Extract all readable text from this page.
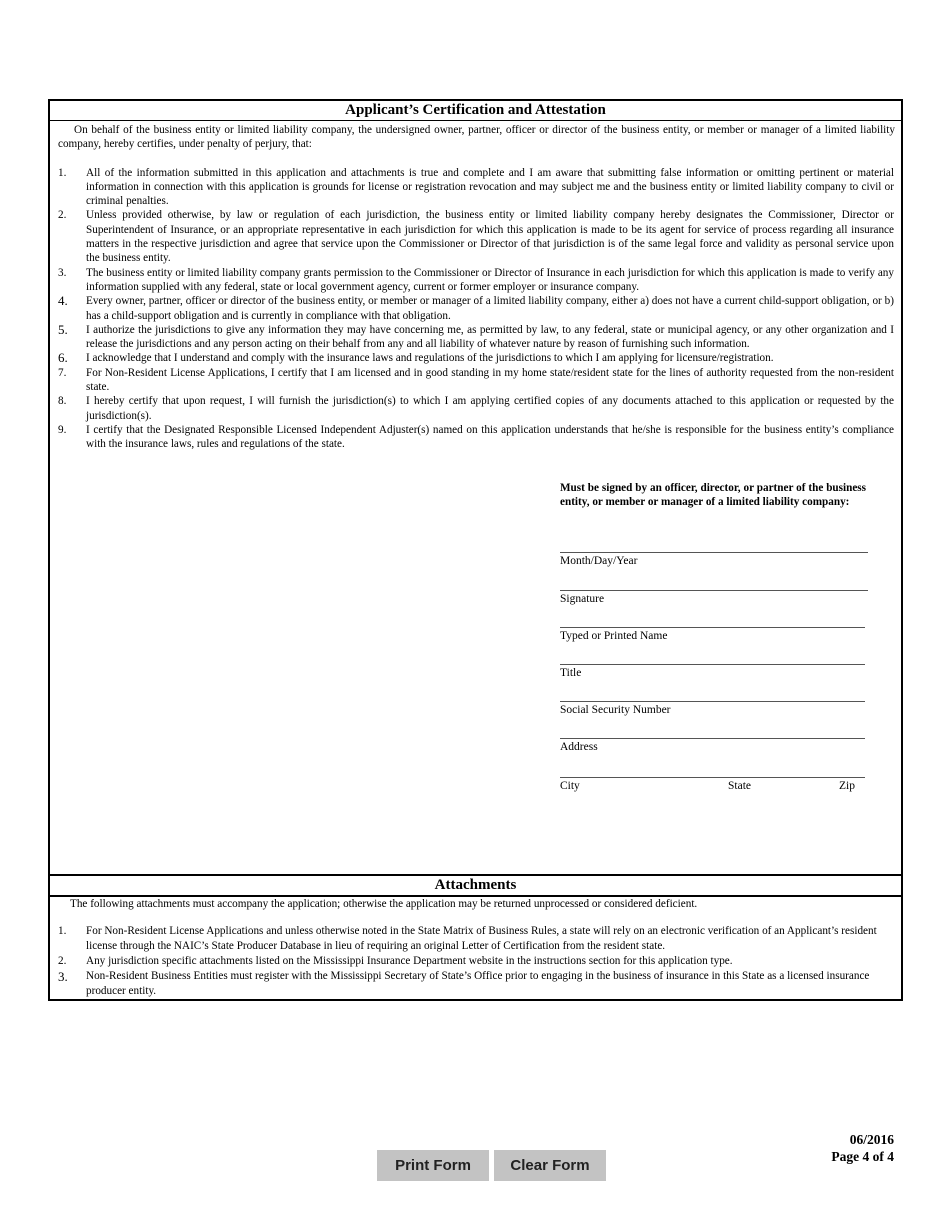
Applicant’s Certification and Attestation
On behalf of the business entity or limited liability company, the undersigned owner, partner, officer or director of the business entity, or member or manager of a limited liability company, hereby certifies, under penalty of perjury, that:
1. All of the information submitted in this application and attachments is true and complete and I am aware that submitting false information or omitting pertinent or material information in connection with this application is grounds for license or registration revocation and may subject me and the business entity or limited liability company to civil or criminal penalties.
2. Unless provided otherwise, by law or regulation of each jurisdiction, the business entity or limited liability company hereby designates the Commissioner, Director or Superintendent of Insurance, or an appropriate representative in each jurisdiction for which this application is made to be its agent for service of process regarding all insurance matters in the respective jurisdiction and agree that service upon the Commissioner or Director of that jurisdiction is of the same legal force and validity as personal service upon the business entity.
3. The business entity or limited liability company grants permission to the Commissioner or Director of Insurance in each jurisdiction for which this application is made to verify any information supplied with any federal, state or local government agency, current or former employer or insurance company.
4. Every owner, partner, officer or director of the business entity, or member or manager of a limited liability company, either a) does not have a current child-support obligation, or b) has a child-support obligation and is currently in compliance with that obligation.
5. I authorize the jurisdictions to give any information they may have concerning me, as permitted by law, to any federal, state or municipal agency, or any other organization and I release the jurisdictions and any person acting on their behalf from any and all liability of whatever nature by reason of furnishing such information.
6. I acknowledge that I understand and comply with the insurance laws and regulations of the jurisdictions to which I am applying for licensure/registration.
7. For Non-Resident License Applications, I certify that I am licensed and in good standing in my home state/resident state for the lines of authority requested from the non-resident state.
8. I hereby certify that upon request, I will furnish the jurisdiction(s) to which I am applying certified copies of any documents attached to this application or requested by the jurisdiction(s).
9. I certify that the Designated Responsible Licensed Independent Adjuster(s) named on this application understands that he/she is responsible for the business entity’s compliance with the insurance laws, rules and regulations of the state.
Must be signed by an officer, director, or partner of the business entity, or member or manager of a limited liability company:
Month/Day/Year
Signature
Typed or Printed Name
Title
Social Security Number
Address
City	State	Zip
Attachments
The following attachments must accompany the application; otherwise the application may be returned unprocessed or considered deficient.
1. For Non-Resident License Applications and unless otherwise noted in the State Matrix of Business Rules, a state will rely on an electronic verification of an Applicant’s resident license through the NAIC’s State Producer Database in lieu of requiring an original Letter of Certification from the resident state.
2. Any jurisdiction specific attachments listed on the Mississippi Insurance Department website in the instructions section for this application type.
3. Non-Resident Business Entities must register with the Mississippi Secretary of State’s Office prior to engaging in the business of insurance in this State as a licensed insurance producer entity.
06/2016
Page 4 of 4
Print Form	Clear Form
